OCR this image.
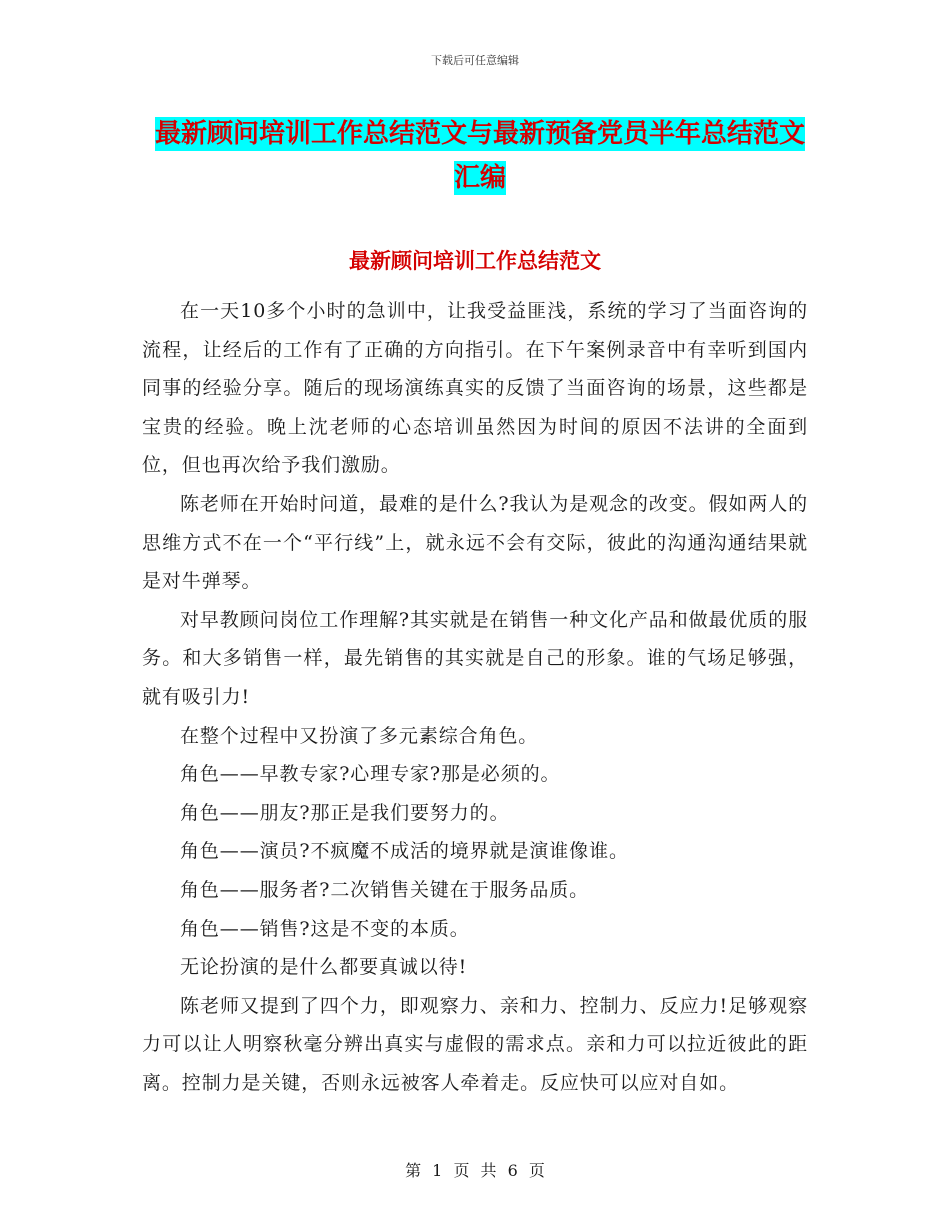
下载后可任意编辑
最新顾问培训工作总结范文与最新预备党员半年总结范文汇编
最新顾问培训工作总结范文

在一天10多个小时的急训中，让我受益匪浅，系统的学习了当面咨询的流程，让经后的工作有了正确的方向指引。在下午案例录音中有幸听到国内同事的经验分享。随后的现场演练真实的反馈了当面咨询的场景，这些都是宝贵的经验。晚上沈老师的心态培训虽然因为时间的原因不法讲的全面到位，但也再次给予我们激励。

陈老师在开始时问道，最难的是什么?我认为是观念的改变。假如两人的思维方式不在一个“平行线”上，就永远不会有交际，彼此的沟通沟通结果就是对牛弹琴。

对早教顾问岗位工作理解?其实就是在销售一种文化产品和做最优质的服务。和大多销售一样，最先销售的其实就是自己的形象。谁的气场足够强，就有吸引力!

在整个过程中又扮演了多元素综合角色。

角色——早教专家?心理专家?那是必须的。

角色——朋友?那正是我们要努力的。

角色——演员?不疯魔不成活的境界就是演谁像谁。

角色——服务者?二次销售关键在于服务品质。

角色——销售?这是不变的本质。

无论扮演的是什么都要真诚以待!

陈老师又提到了四个力，即观察力、亲和力、控制力、反应力!足够观察力可以让人明察秋毫分辨出真实与虚假的需求点。亲和力可以拉近彼此的距离。控制力是关键，否则永远被客人牵着走。反应快可以应对自如。

第 1 页 共 6 页
